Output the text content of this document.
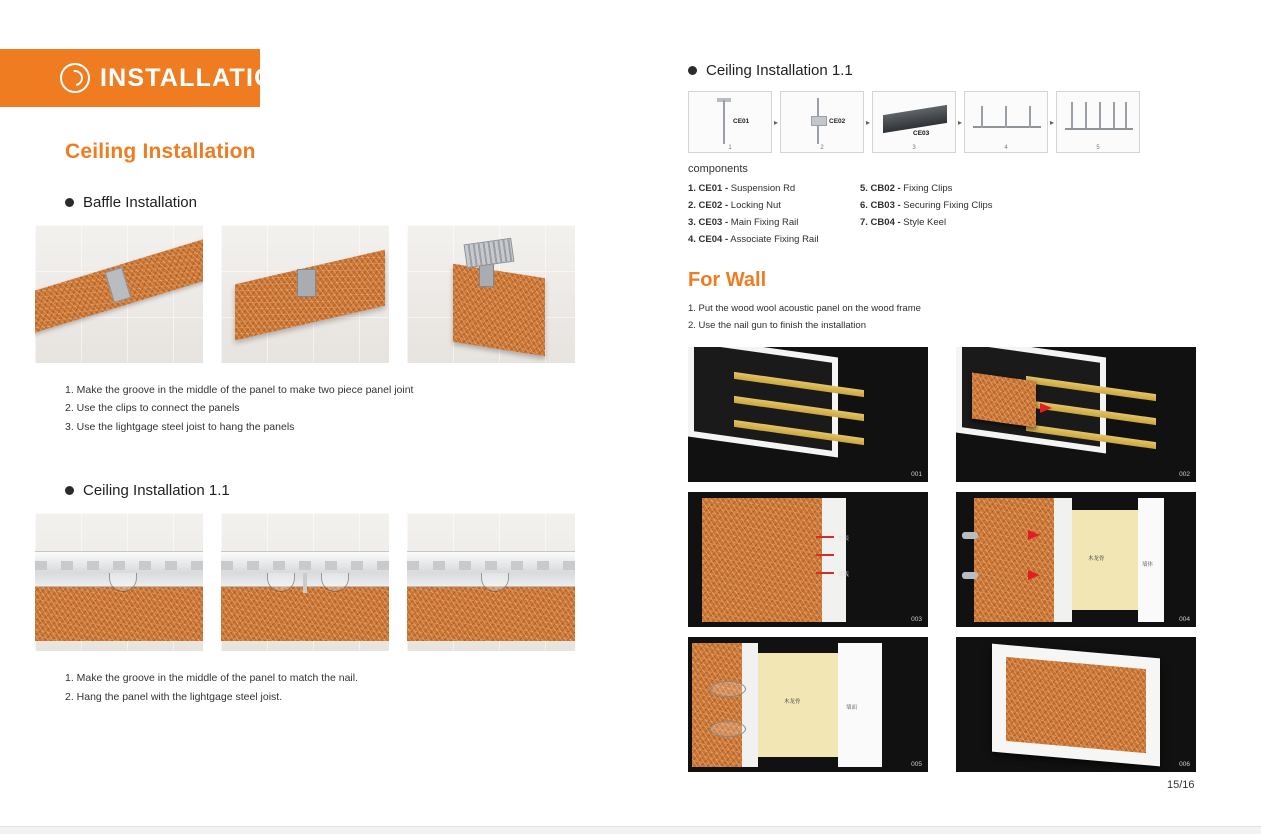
INSTALLATION
Ceiling Installation
Baffle Installation
1. Make the groove in the middle of the panel to make two piece panel joint
2. Use the clips to connect the panels
3. Use the lightgage steel joist to hang the panels
Ceiling Installation 1.1
1. Make the groove in the middle of the panel to match the nail.
2. Hang the panel with the lightgage steel joist.
Ceiling Installation 1.1
CE01
1
▸	CE02
2
▸
CE03
3
▸
4
▸
5
components
1. CE01 - Suspension Rd
2. CE02 - Locking Nut
3. CE03 - Main Fixing Rail
4. CE04 - Associate Fixing Rail
5. CB02 - Fixing Clips
6. CB03 - Securing Fixing Clips
7. CB04 - Style Keel
For Wall
1. Put the wood wool acoustic panel on the wood frame
2. Use the nail gun to finish the installation
001	002
安装
面板
003
木龙骨
墙体
004
木龙骨
墙面
005	006
15/16
